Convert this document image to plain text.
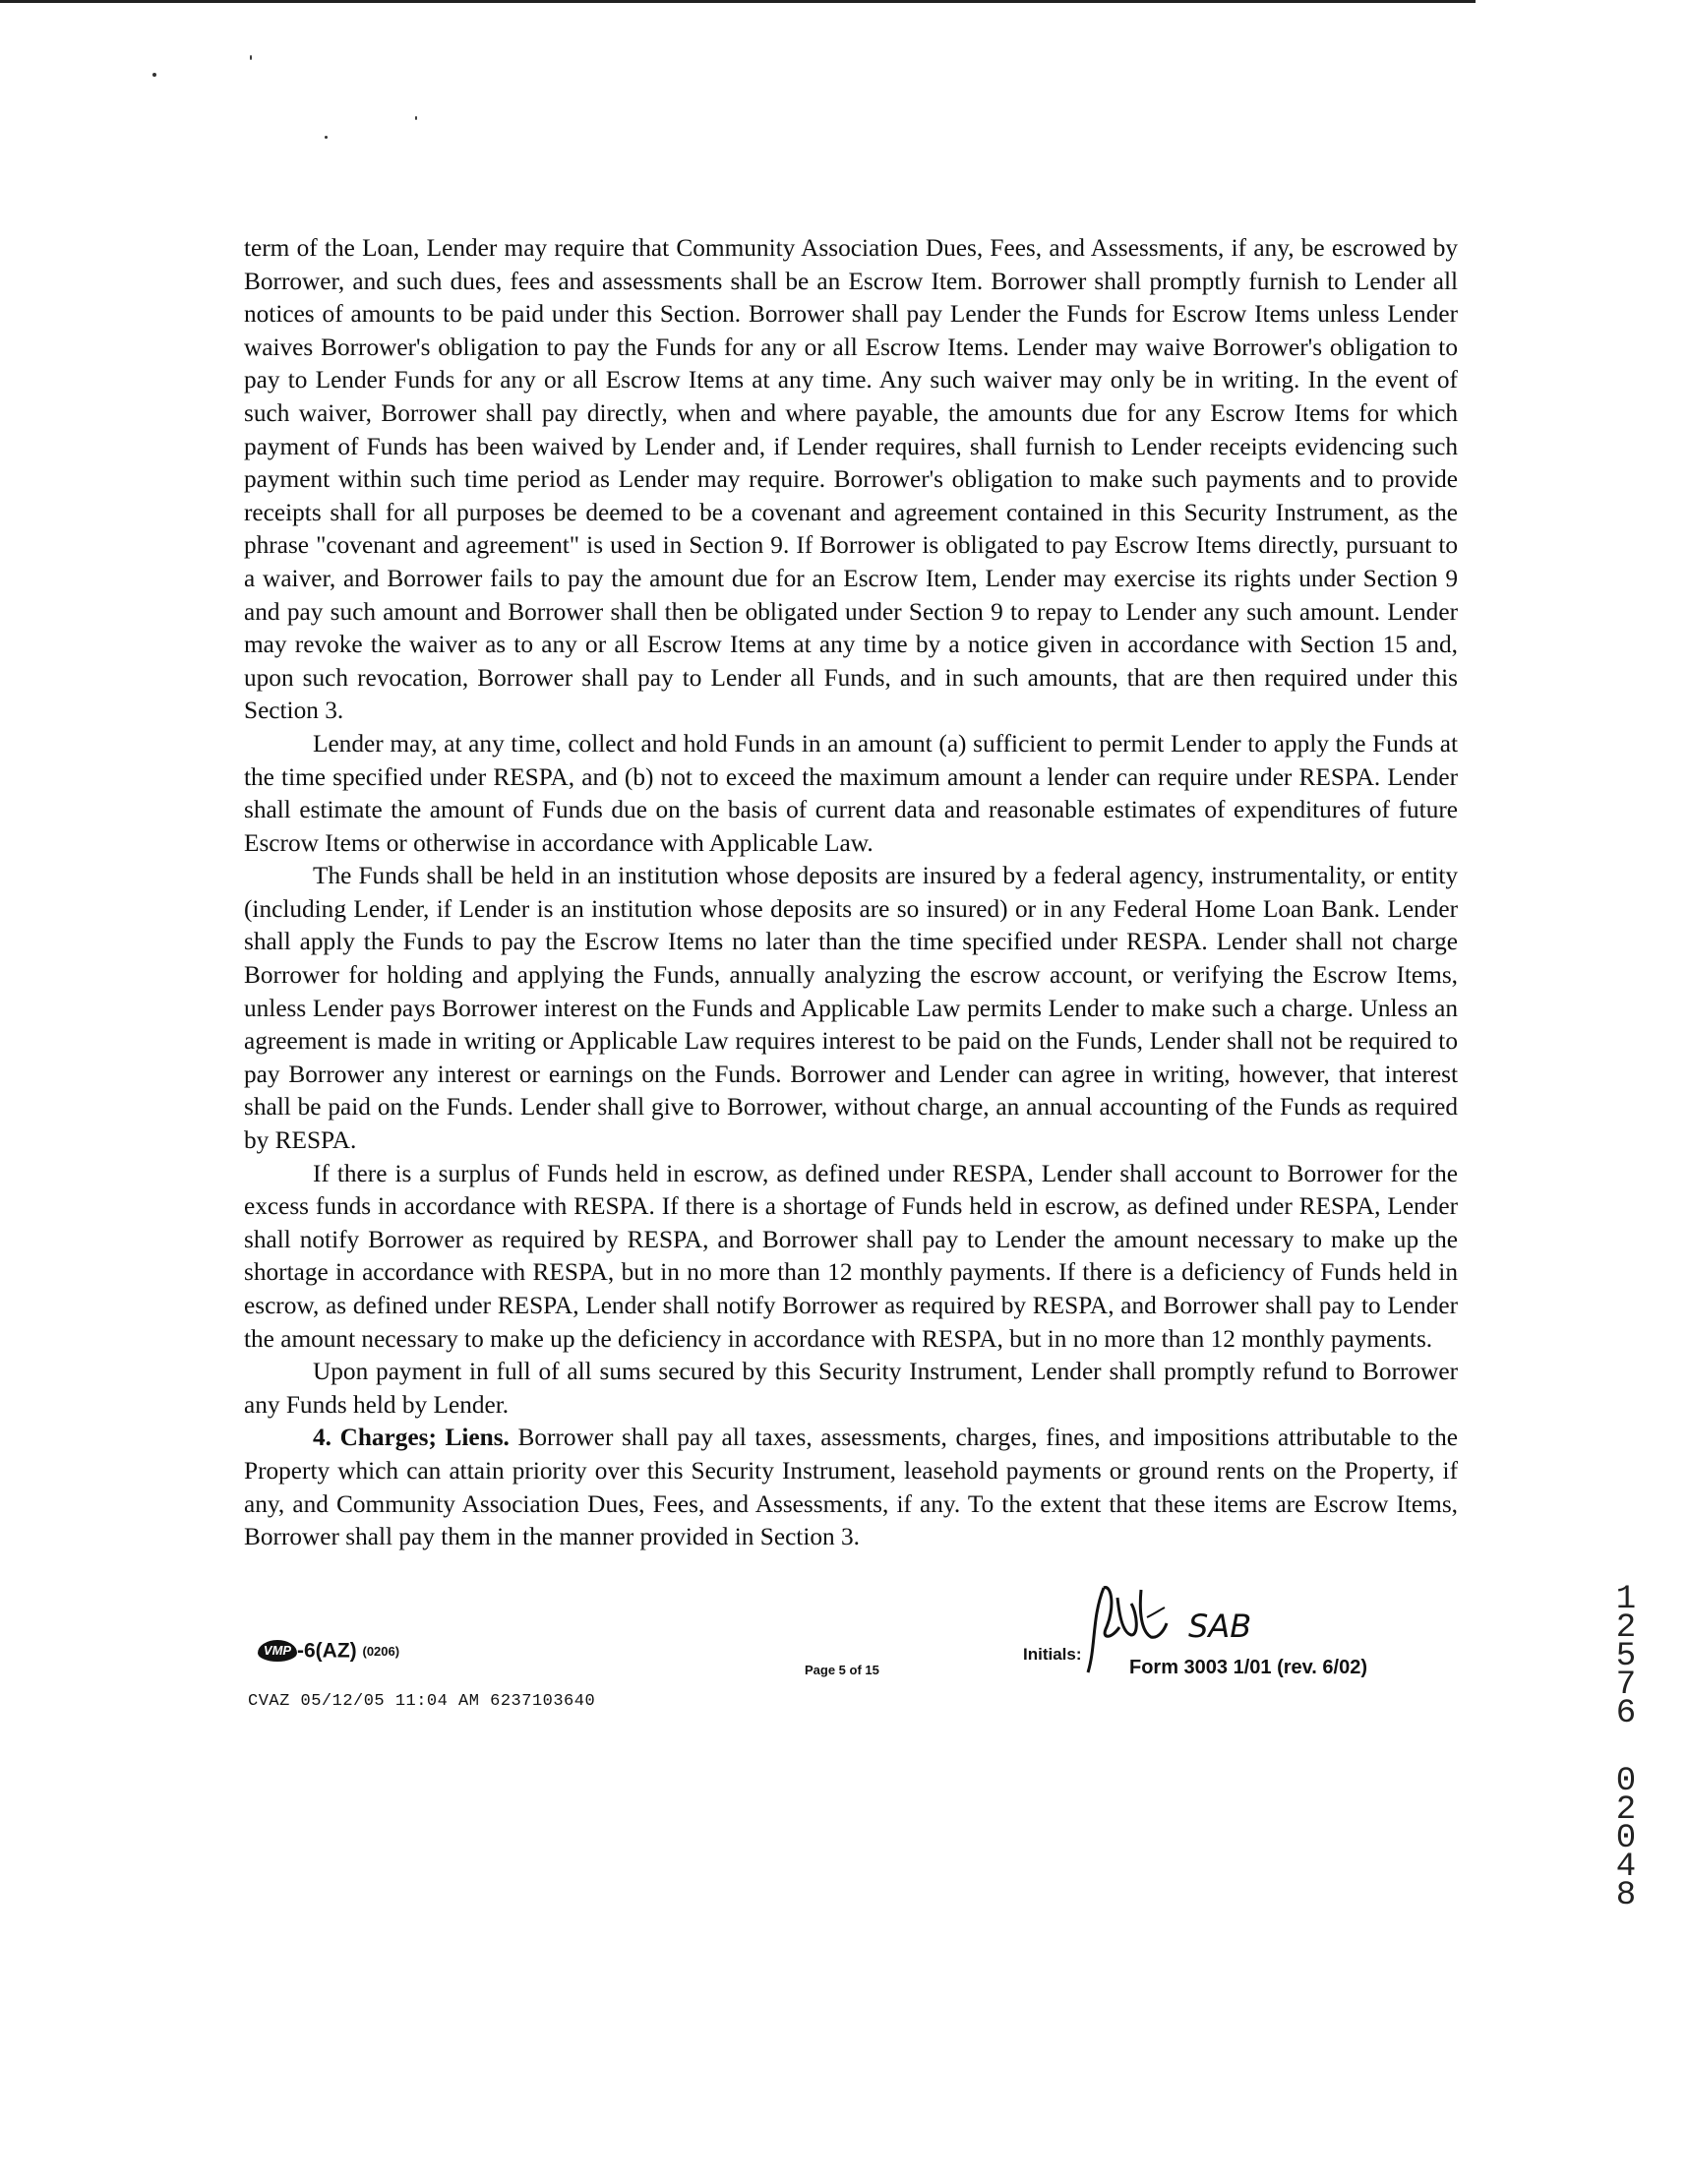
term of the Loan, Lender may require that Community Association Dues, Fees, and Assessments, if any, be escrowed by Borrower, and such dues, fees and assessments shall be an Escrow Item. Borrower shall promptly furnish to Lender all notices of amounts to be paid under this Section. Borrower shall pay Lender the Funds for Escrow Items unless Lender waives Borrower's obligation to pay the Funds for any or all Escrow Items. Lender may waive Borrower's obligation to pay to Lender Funds for any or all Escrow Items at any time. Any such waiver may only be in writing. In the event of such waiver, Borrower shall pay directly, when and where payable, the amounts due for any Escrow Items for which payment of Funds has been waived by Lender and, if Lender requires, shall furnish to Lender receipts evidencing such payment within such time period as Lender may require. Borrower's obligation to make such payments and to provide receipts shall for all purposes be deemed to be a covenant and agreement contained in this Security Instrument, as the phrase "covenant and agreement" is used in Section 9. If Borrower is obligated to pay Escrow Items directly, pursuant to a waiver, and Borrower fails to pay the amount due for an Escrow Item, Lender may exercise its rights under Section 9 and pay such amount and Borrower shall then be obligated under Section 9 to repay to Lender any such amount. Lender may revoke the waiver as to any or all Escrow Items at any time by a notice given in accordance with Section 15 and, upon such revocation, Borrower shall pay to Lender all Funds, and in such amounts, that are then required under this Section 3.

Lender may, at any time, collect and hold Funds in an amount (a) sufficient to permit Lender to apply the Funds at the time specified under RESPA, and (b) not to exceed the maximum amount a lender can require under RESPA. Lender shall estimate the amount of Funds due on the basis of current data and reasonable estimates of expenditures of future Escrow Items or otherwise in accordance with Applicable Law.

The Funds shall be held in an institution whose deposits are insured by a federal agency, instrumentality, or entity (including Lender, if Lender is an institution whose deposits are so insured) or in any Federal Home Loan Bank. Lender shall apply the Funds to pay the Escrow Items no later than the time specified under RESPA. Lender shall not charge Borrower for holding and applying the Funds, annually analyzing the escrow account, or verifying the Escrow Items, unless Lender pays Borrower interest on the Funds and Applicable Law permits Lender to make such a charge. Unless an agreement is made in writing or Applicable Law requires interest to be paid on the Funds, Lender shall not be required to pay Borrower any interest or earnings on the Funds. Borrower and Lender can agree in writing, however, that interest shall be paid on the Funds. Lender shall give to Borrower, without charge, an annual accounting of the Funds as required by RESPA.

If there is a surplus of Funds held in escrow, as defined under RESPA, Lender shall account to Borrower for the excess funds in accordance with RESPA. If there is a shortage of Funds held in escrow, as defined under RESPA, Lender shall notify Borrower as required by RESPA, and Borrower shall pay to Lender the amount necessary to make up the shortage in accordance with RESPA, but in no more than 12 monthly payments. If there is a deficiency of Funds held in escrow, as defined under RESPA, Lender shall notify Borrower as required by RESPA, and Borrower shall pay to Lender the amount necessary to make up the deficiency in accordance with RESPA, but in no more than 12 monthly payments.

Upon payment in full of all sums secured by this Security Instrument, Lender shall promptly refund to Borrower any Funds held by Lender.

4. Charges; Liens. Borrower shall pay all taxes, assessments, charges, fines, and impositions attributable to the Property which can attain priority over this Security Instrument, leasehold payments or ground rents on the Property, if any, and Community Association Dues, Fees, and Assessments, if any. To the extent that these items are Escrow Items, Borrower shall pay them in the manner provided in Section 3.

1
2
5
7
6
0
2
0
4
8
VMP -6(AZ) (0206)
CVAZ 05/12/05 11:04 AM 6237103640
Page 5 of 15
Initials:
SAB
Form 3003 1/01 (rev. 6/02)
